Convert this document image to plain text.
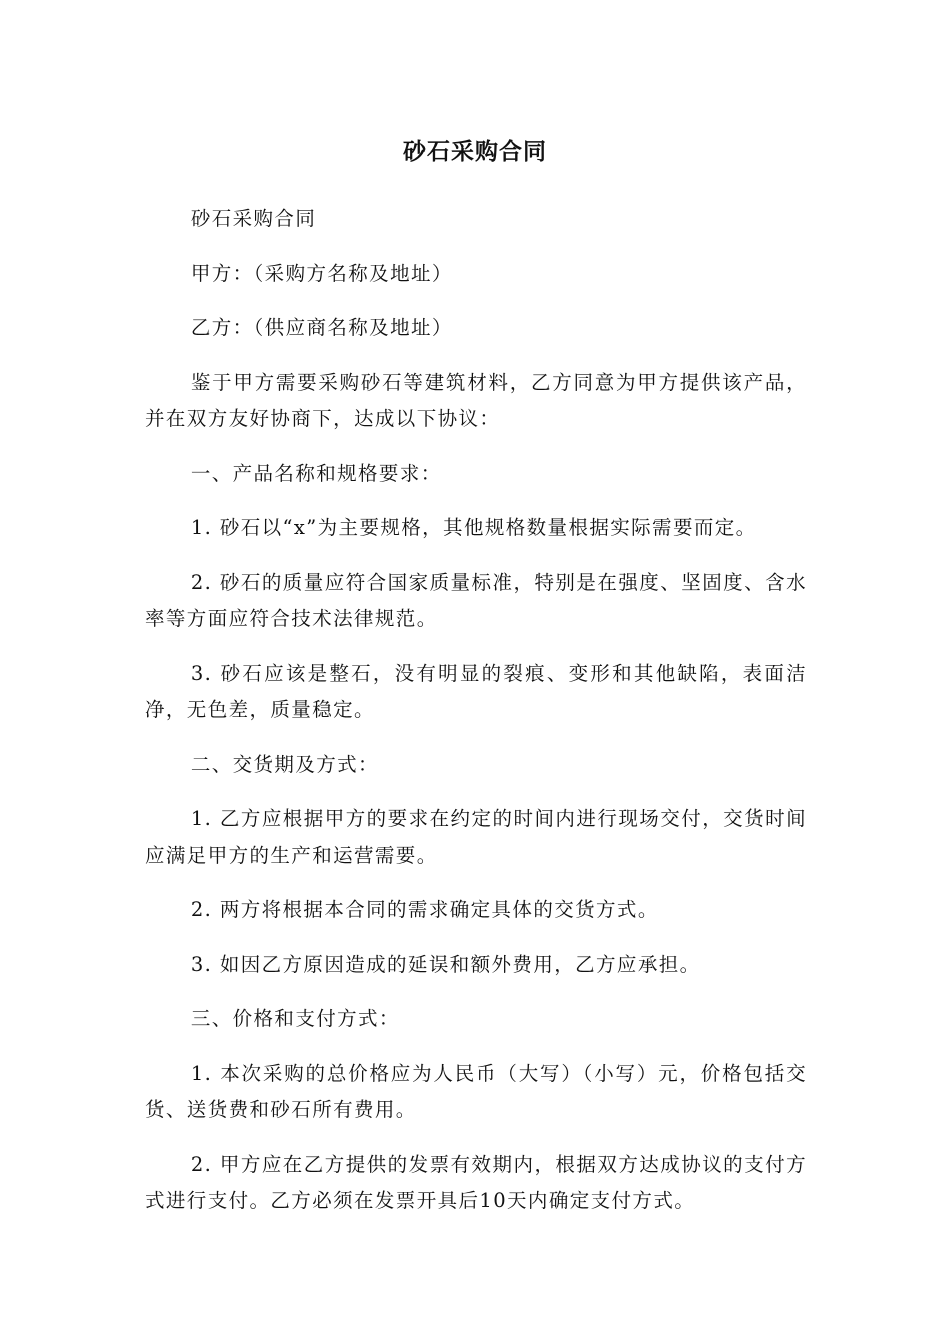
砂石采购合同

砂石采购合同

甲方：（采购方名称及地址）

乙方：（供应商名称及地址）

鉴于甲方需要采购砂石等建筑材料，乙方同意为甲方提供该产品，并在双方友好协商下，达成以下协议：

一、产品名称和规格要求：

1. 砂石以“x”为主要规格，其他规格数量根据实际需要而定。

2. 砂石的质量应符合国家质量标准，特别是在强度、坚固度、含水率等方面应符合技术法律规范。

3. 砂石应该是整石，没有明显的裂痕、变形和其他缺陷，表面洁净，无色差，质量稳定。

二、交货期及方式：

1. 乙方应根据甲方的要求在约定的时间内进行现场交付，交货时间应满足甲方的生产和运营需要。

2. 两方将根据本合同的需求确定具体的交货方式。

3. 如因乙方原因造成的延误和额外费用，乙方应承担。

三、价格和支付方式：

1. 本次采购的总价格应为人民币（大写）（小写）元，价格包括交货、送货费和砂石所有费用。

2. 甲方应在乙方提供的发票有效期内，根据双方达成协议的支付方式进行支付。乙方必须在发票开具后10天内确定支付方式。
